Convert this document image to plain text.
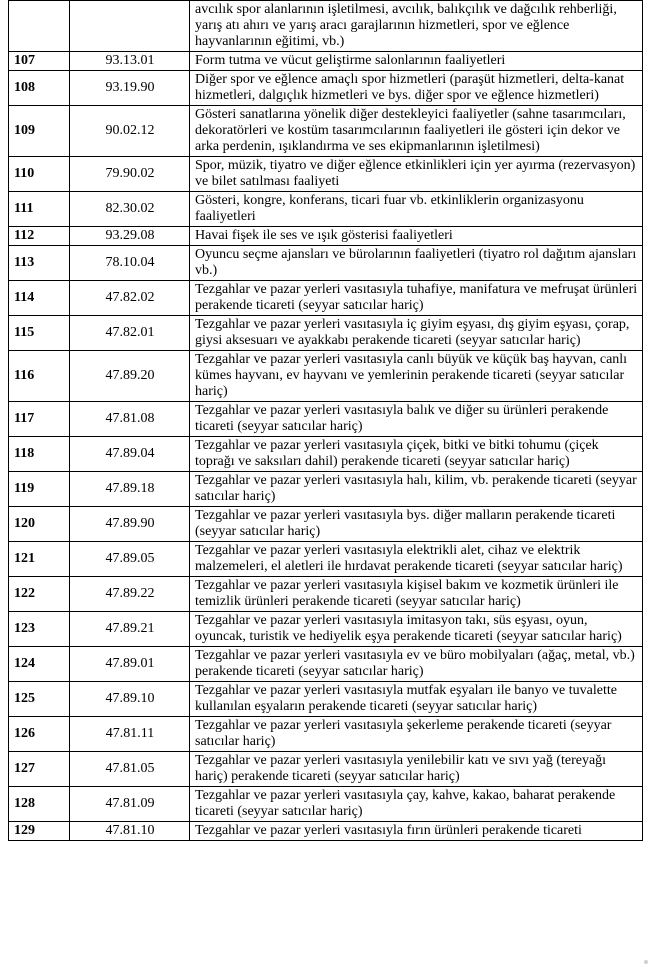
		avcılık spor alanlarının işletilmesi, avcılık, balıkçılık ve dağcılık rehberliği, yarış atı ahırı ve yarış aracı garajlarının hizmetleri, spor ve eğlence hayvanlarının eğitimi, vb.)
107	93.13.01	Form tutma ve vücut geliştirme salonlarının faaliyetleri
108	93.19.90	Diğer spor ve eğlence amaçlı spor hizmetleri (paraşüt hizmetleri, delta-kanat hizmetleri, dalgıçlık hizmetleri ve bys. diğer spor ve eğlence hizmetleri)
109	90.02.12	Gösteri sanatlarına yönelik diğer destekleyici faaliyetler (sahne tasarımcıları, dekoratörleri ve kostüm tasarımcılarının faaliyetleri ile gösteri için dekor ve arka perdenin, ışıklandırma ve ses ekipmanlarının işletilmesi)
110	79.90.02	Spor, müzik, tiyatro ve diğer eğlence etkinlikleri için yer ayırma (rezervasyon) ve bilet satılması faaliyeti
111	82.30.02	Gösteri, kongre, konferans, ticari fuar vb. etkinliklerin organizasyonu faaliyetleri
112	93.29.08	Havai fişek ile ses ve ışık gösterisi faaliyetleri
113	78.10.04	Oyuncu seçme ajansları ve bürolarının faaliyetleri (tiyatro rol dağıtım ajansları vb.)
114	47.82.02	Tezgahlar ve pazar yerleri vasıtasıyla tuhafiye, manifatura ve mefruşat ürünleri perakende ticareti (seyyar satıcılar hariç)
115	47.82.01	Tezgahlar ve pazar yerleri vasıtasıyla iç giyim eşyası, dış giyim eşyası, çorap, giysi aksesuarı ve ayakkabı perakende ticareti (seyyar satıcılar hariç)
116	47.89.20	Tezgahlar ve pazar yerleri vasıtasıyla canlı büyük ve küçük baş hayvan, canlı kümes hayvanı, ev hayvanı ve yemlerinin perakende ticareti (seyyar satıcılar hariç)
117	47.81.08	Tezgahlar ve pazar yerleri vasıtasıyla balık ve diğer su ürünleri perakende ticareti (seyyar satıcılar hariç)
118	47.89.04	Tezgahlar ve pazar yerleri vasıtasıyla çiçek, bitki ve bitki tohumu (çiçek toprağı ve saksıları dahil) perakende ticareti (seyyar satıcılar hariç)
119	47.89.18	Tezgahlar ve pazar yerleri vasıtasıyla halı, kilim, vb. perakende ticareti (seyyar satıcılar hariç)
120	47.89.90	Tezgahlar ve pazar yerleri vasıtasıyla bys. diğer malların perakende ticareti (seyyar satıcılar hariç)
121	47.89.05	Tezgahlar ve pazar yerleri vasıtasıyla elektrikli alet, cihaz ve elektrik malzemeleri, el aletleri ile hırdavat perakende ticareti (seyyar satıcılar hariç)
122	47.89.22	Tezgahlar ve pazar yerleri vasıtasıyla kişisel bakım ve kozmetik ürünleri ile temizlik ürünleri perakende ticareti (seyyar satıcılar hariç)
123	47.89.21	Tezgahlar ve pazar yerleri vasıtasıyla imitasyon takı, süs eşyası, oyun, oyuncak, turistik ve hediyelik eşya perakende ticareti (seyyar satıcılar hariç)
124	47.89.01	Tezgahlar ve pazar yerleri vasıtasıyla ev ve büro mobilyaları (ağaç, metal, vb.) perakende ticareti (seyyar satıcılar hariç)
125	47.89.10	Tezgahlar ve pazar yerleri vasıtasıyla mutfak eşyaları ile banyo ve tuvalette kullanılan eşyaların perakende ticareti (seyyar satıcılar hariç)
126	47.81.11	Tezgahlar ve pazar yerleri vasıtasıyla şekerleme perakende ticareti (seyyar satıcılar hariç)
127	47.81.05	Tezgahlar ve pazar yerleri vasıtasıyla yenilebilir katı ve sıvı yağ (tereyağı hariç) perakende ticareti (seyyar satıcılar hariç)
128	47.81.09	Tezgahlar ve pazar yerleri vasıtasıyla çay, kahve, kakao, baharat perakende ticareti (seyyar satıcılar hariç)
129	47.81.10	Tezgahlar ve pazar yerleri vasıtasıyla fırın ürünleri perakende ticareti
